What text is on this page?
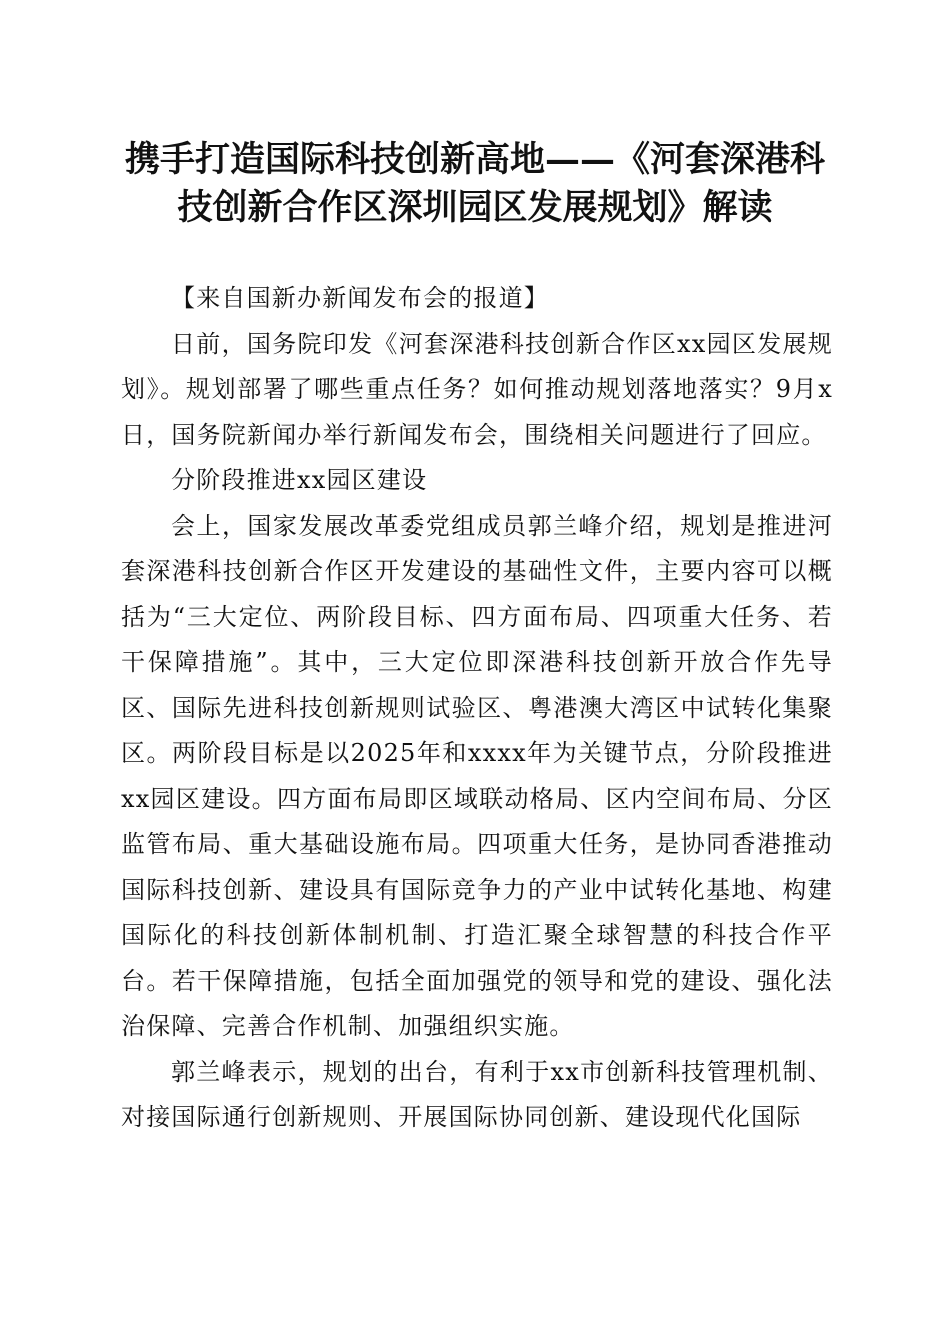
携手打造国际科技创新高地——《河套深港科技创新合作区深圳园区发展规划》解读

【来自国新办新闻发布会的报道】

日前，国务院印发《河套深港科技创新合作区xx园区发展规划》。规划部署了哪些重点任务？如何推动规划落地落实？9月x日，国务院新闻办举行新闻发布会，围绕相关问题进行了回应。

分阶段推进xx园区建设

会上，国家发展改革委党组成员郭兰峰介绍，规划是推进河套深港科技创新合作区开发建设的基础性文件，主要内容可以概括为“三大定位、两阶段目标、四方面布局、四项重大任务、若干保障措施”。其中，三大定位即深港科技创新开放合作先导区、国际先进科技创新规则试验区、粤港澳大湾区中试转化集聚区。两阶段目标是以2025年和xxxx年为关键节点，分阶段推进xx园区建设。四方面布局即区域联动格局、区内空间布局、分区监管布局、重大基础设施布局。四项重大任务，是协同香港推动国际科技创新、建设具有国际竞争力的产业中试转化基地、构建国际化的科技创新体制机制、打造汇聚全球智慧的科技合作平台。若干保障措施，包括全面加强党的领导和党的建设、强化法治保障、完善合作机制、加强组织实施。

郭兰峰表示，规划的出台，有利于xx市创新科技管理机制、对接国际通行创新规则、开展国际协同创新、建设现代化国际
